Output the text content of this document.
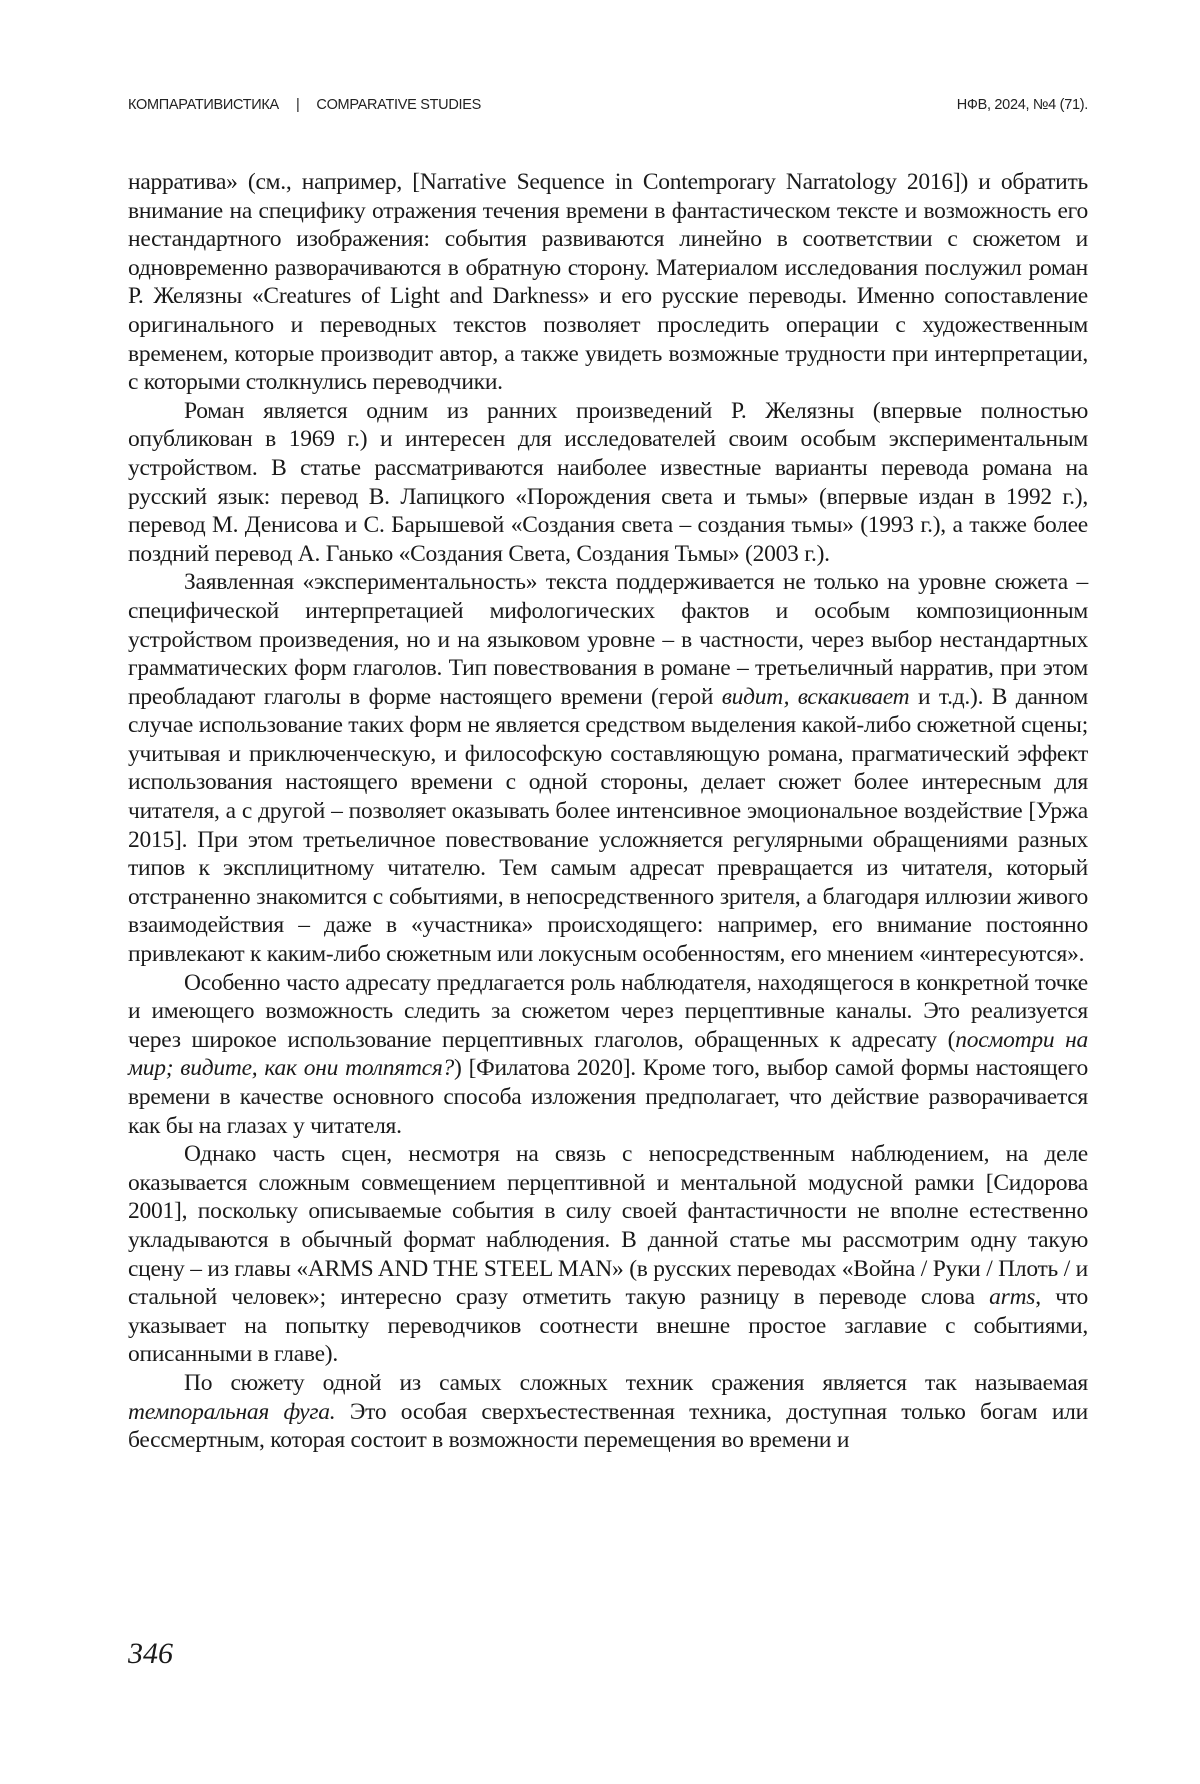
КОМПАРАТИВИСТИКА | COMPARATIVE STUDIES	НФВ, 2024, №4 (71).

нарратива» (см., например, [Narrative Sequence in Contemporary Narratology 2016]) и обратить внимание на специфику отражения течения времени в фантастическом тексте и возможность его нестандартного изображения: события развиваются линейно в соответствии с сюжетом и одновременно разворачиваются в обратную сторону. Материалом исследования послужил роман Р. Желязны «Creatures of Light and Darkness» и его русские переводы. Именно сопоставление оригинального и переводных текстов позволяет проследить операции с художественным временем, которые производит автор, а также увидеть возможные трудности при интерпретации, с которыми столкнулись переводчики.

Роман является одним из ранних произведений Р. Желязны (впервые полностью опубликован в 1969 г.) и интересен для исследователей своим особым экспериментальным устройством. В статье рассматриваются наиболее известные варианты перевода романа на русский язык: перевод В. Лапицкого «Порождения света и тьмы» (впервые издан в 1992 г.), перевод М. Денисова и С. Барышевой «Создания света – создания тьмы» (1993 г.), а также более поздний перевод А. Ганько «Создания Света, Создания Тьмы» (2003 г.).

Заявленная «экспериментальность» текста поддерживается не только на уровне сюжета – специфической интерпретацией мифологических фактов и особым композиционным устройством произведения, но и на языковом уровне – в частности, через выбор нестандартных грамматических форм глаголов. Тип повествования в романе – третьеличный нарратив, при этом преобладают глаголы в форме настоящего времени (герой видит, вскакивает и т.д.). В данном случае использование таких форм не является средством выделения какой-либо сюжетной сцены; учитывая и приключенческую, и философскую составляющую романа, прагматический эффект использования настоящего времени с одной стороны, делает сюжет более интересным для читателя, а с другой – позволяет оказывать более интенсивное эмоциональное воздействие [Уржа 2015]. При этом третьеличное повествование усложняется регулярными обращениями разных типов к эксплицитному читателю. Тем самым адресат превращается из читателя, который отстраненно знакомится с событиями, в непосредственного зрителя, а благодаря иллюзии живого взаимодействия – даже в «участника» происходящего: например, его внимание постоянно привлекают к каким-либо сюжетным или локусным особенностям, его мнением «интересуются».

Особенно часто адресату предлагается роль наблюдателя, находящегося в конкретной точке и имеющего возможность следить за сюжетом через перцептивные каналы. Это реализуется через широкое использование перцептивных глаголов, обращенных к адресату (посмотри на мир; видите, как они толпятся?) [Филатова 2020]. Кроме того, выбор самой формы настоящего времени в качестве основного способа изложения предполагает, что действие разворачивается как бы на глазах у читателя.

Однако часть сцен, несмотря на связь с непосредственным наблюдением, на деле оказывается сложным совмещением перцептивной и ментальной модусной рамки [Сидорова 2001], поскольку описываемые события в силу своей фантастичности не вполне естественно укладываются в обычный формат наблюдения. В данной статье мы рассмотрим одну такую сцену – из главы «ARMS AND THE STEEL MAN» (в русских переводах «Война / Руки / Плоть / и стальной человек»; интересно сразу отметить такую разницу в переводе слова arms, что указывает на попытку переводчиков соотнести внешне простое заглавие с событиями, описанными в главе).

По сюжету одной из самых сложных техник сражения является так называемая темпоральная фуга. Это особая сверхъестественная техника, доступная только богам или бессмертным, которая состоит в возможности перемещения во времени и

346
